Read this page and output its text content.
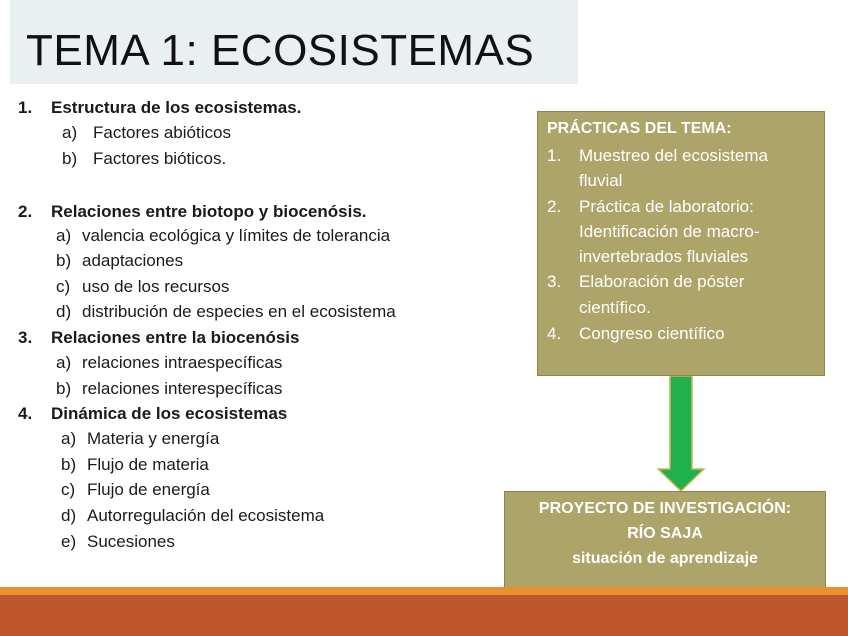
TEMA 1: ECOSISTEMAS
1. Estructura de los ecosistemas.
a) Factores abióticos
b) Factores bióticos.
2. Relaciones entre biotopo y biocenósis.
a) valencia ecológica y límites de tolerancia
b) adaptaciones
c) uso de los recursos
d) distribución de especies en el ecosistema
3. Relaciones entre la biocenósis
a) relaciones intraespecíficas
b) relaciones interespecíficas
4. Dinámica de los ecosistemas
a) Materia y energía
b) Flujo de materia
c) Flujo de energía
d) Autorregulación del ecosistema
e) Sucesiones
PRÁCTICAS DEL TEMA:
1. Muestreo del ecosistema
fluvial
2. Práctica de laboratorio:
Identificación de macro-
invertebrados fluviales
3. Elaboración de póster
científico.
4. Congreso científico
PROYECTO DE INVESTIGACIÓN:
RÍO SAJA
situación de aprendizaje
